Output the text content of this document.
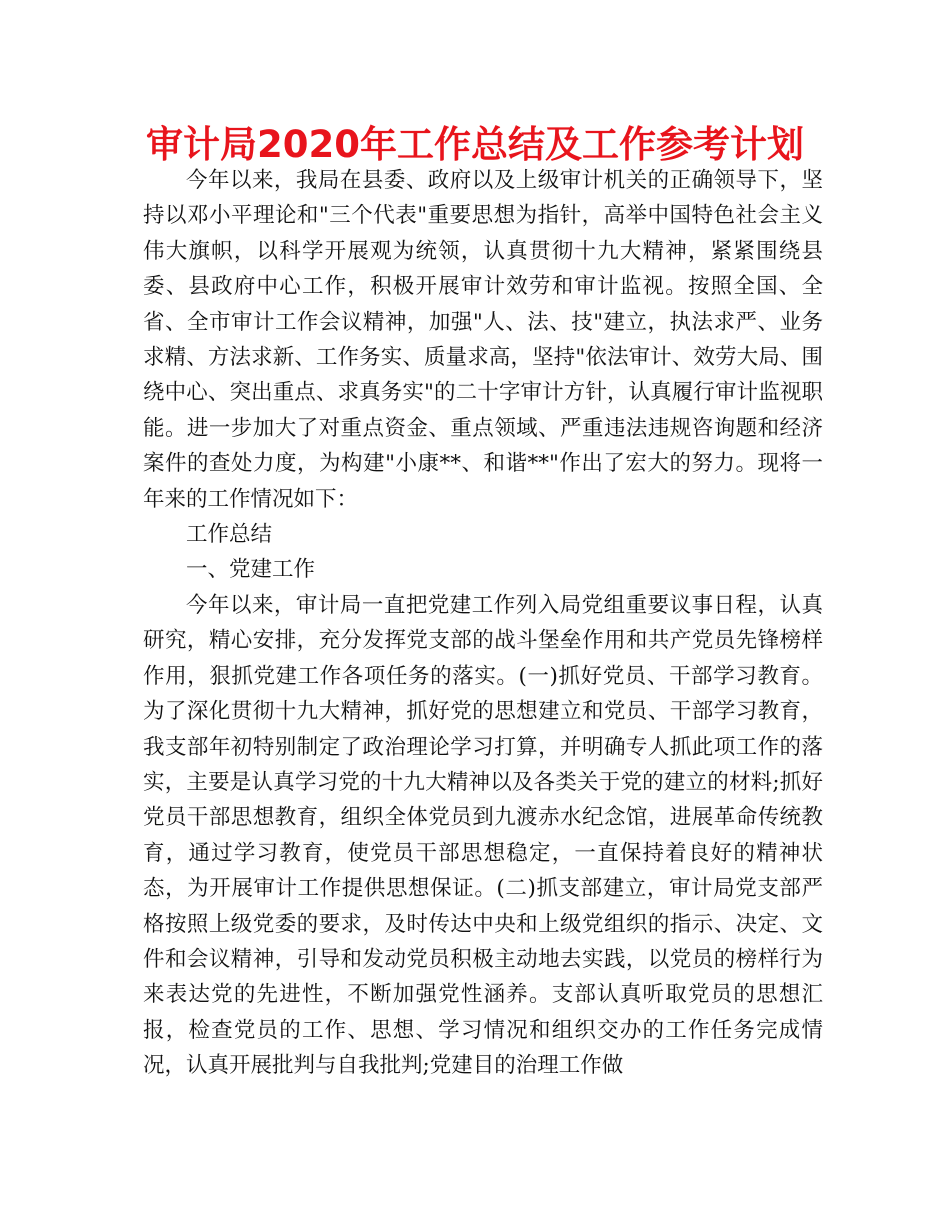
审计局2020年工作总结及工作参考计划

今年以来，我局在县委、政府以及上级审计机关的正确领导下，坚持以邓小平理论和"三个代表"重要思想为指针，高举中国特色社会主义伟大旗帜，以科学开展观为统领，认真贯彻十九大精神，紧紧围绕县委、县政府中心工作，积极开展审计效劳和审计监视。按照全国、全省、全市审计工作会议精神，加强"人、法、技"建立，执法求严、业务求精、方法求新、工作务实、质量求高，坚持"依法审计、效劳大局、围绕中心、突出重点、求真务实"的二十字审计方针，认真履行审计监视职能。进一步加大了对重点资金、重点领域、严重违法违规咨询题和经济案件的查处力度，为构建"小康**、和谐**"作出了宏大的努力。现将一年来的工作情况如下：

工作总结

一、党建工作

今年以来，审计局一直把党建工作列入局党组重要议事日程，认真研究，精心安排，充分发挥党支部的战斗堡垒作用和共产党员先锋榜样作用，狠抓党建工作各项任务的落实。(一)抓好党员、干部学习教育。为了深化贯彻十九大精神，抓好党的思想建立和党员、干部学习教育，我支部年初特别制定了政治理论学习打算，并明确专人抓此项工作的落实，主要是认真学习党的十九大精神以及各类关于党的建立的材料;抓好党员干部思想教育，组织全体党员到九渡赤水纪念馆，进展革命传统教育，通过学习教育，使党员干部思想稳定，一直保持着良好的精神状态，为开展审计工作提供思想保证。(二)抓支部建立，审计局党支部严格按照上级党委的要求，及时传达中央和上级党组织的指示、决定、文件和会议精神，引导和发动党员积极主动地去实践，以党员的榜样行为来表达党的先进性，不断加强党性涵养。支部认真听取党员的思想汇报，检查党员的工作、思想、学习情况和组织交办的工作任务完成情况，认真开展批判与自我批判;党建目的治理工作做
